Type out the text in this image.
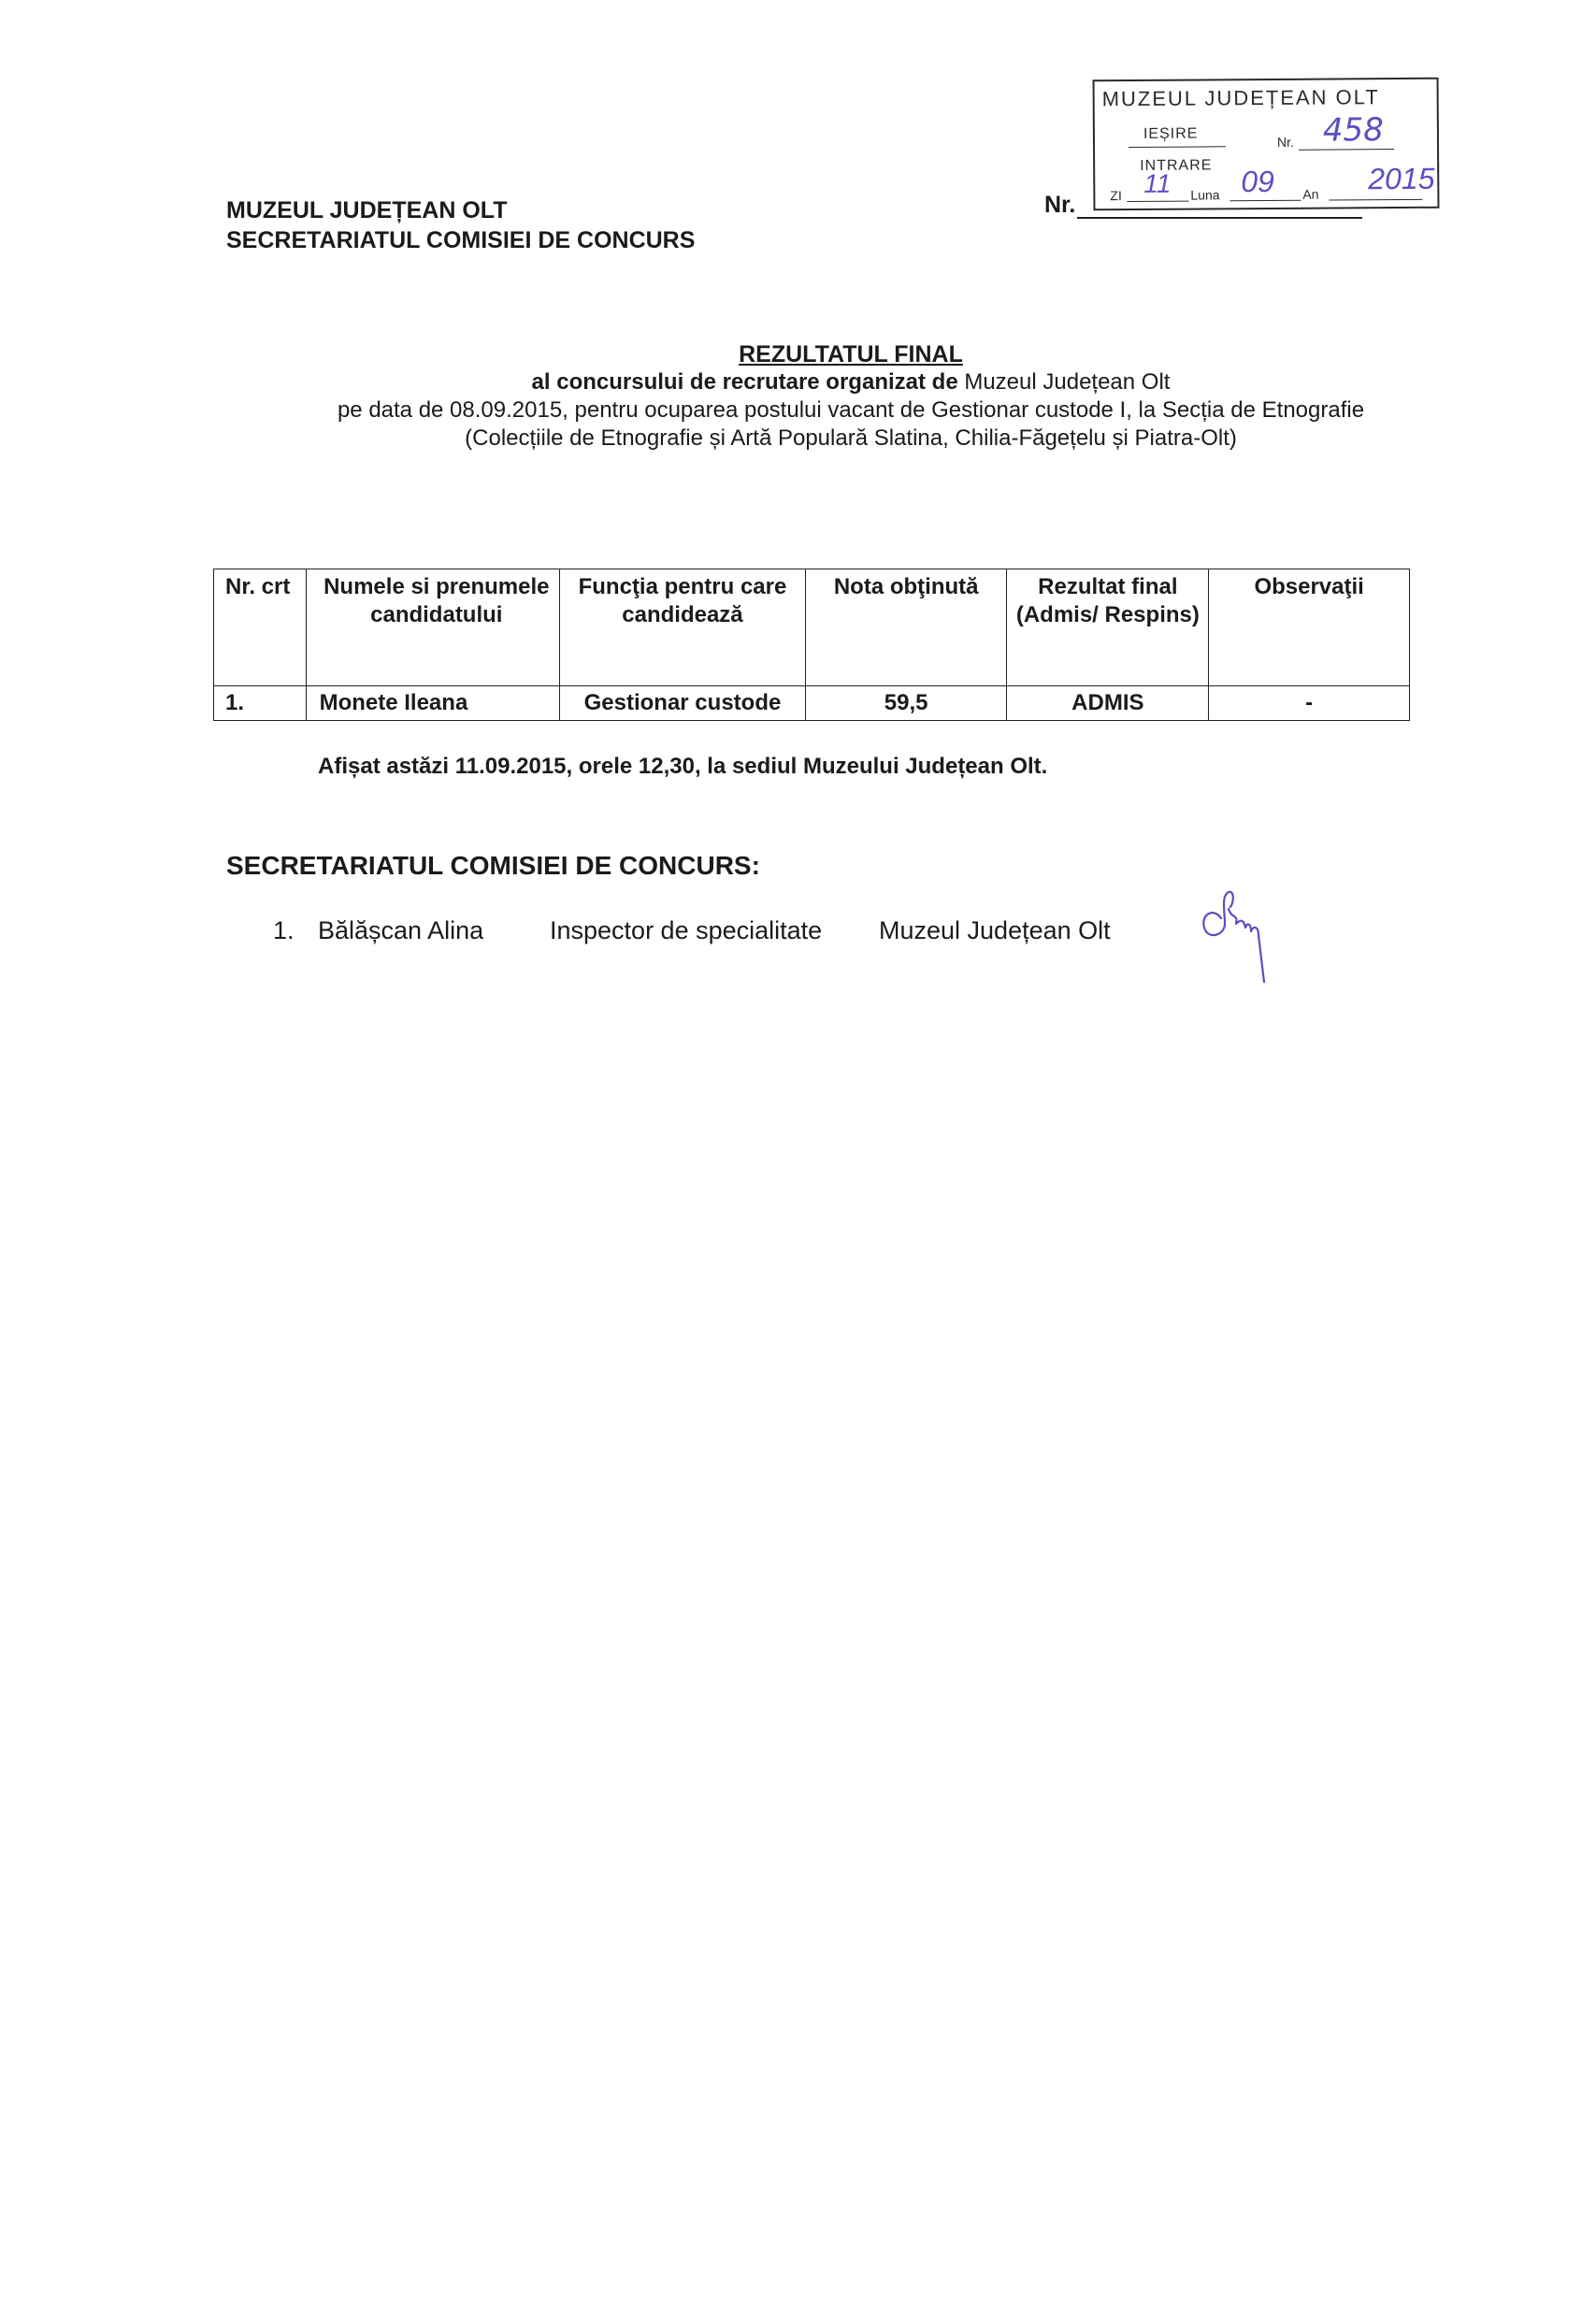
MUZEUL JUDEȚEAN OLT
SECRETARIATUL COMISIEI DE CONCURS
Nr.
MUZEUL JUDEȚEAN OLT
IEȘIRE	Nr. 458
INTRARE
ZI 11 Luna 09 An 2015
REZULTATUL FINAL
al concursului de recrutare organizat de Muzeul Județean Olt
pe data de 08.09.2015, pentru ocuparea postului vacant de Gestionar custode I, la Secția de Etnografie
(Colecțiile de Etnografie și Artă Populară Slatina, Chilia-Făgețelu și Piatra-Olt)
Nr. crt	Numele si prenumele candidatului	Funcţia pentru care candidează	Nota obţinută	Rezultat final (Admis/ Respins)	Observaţii
1.	Monete Ileana	Gestionar custode	59,5	ADMIS	-
Afișat astăzi 11.09.2015, orele 12,30, la sediul Muzeului Județean Olt.
SECRETARIATUL COMISIEI DE CONCURS:
1. Bălășcan Alina	Inspector de specialitate Muzeul Județean Olt
